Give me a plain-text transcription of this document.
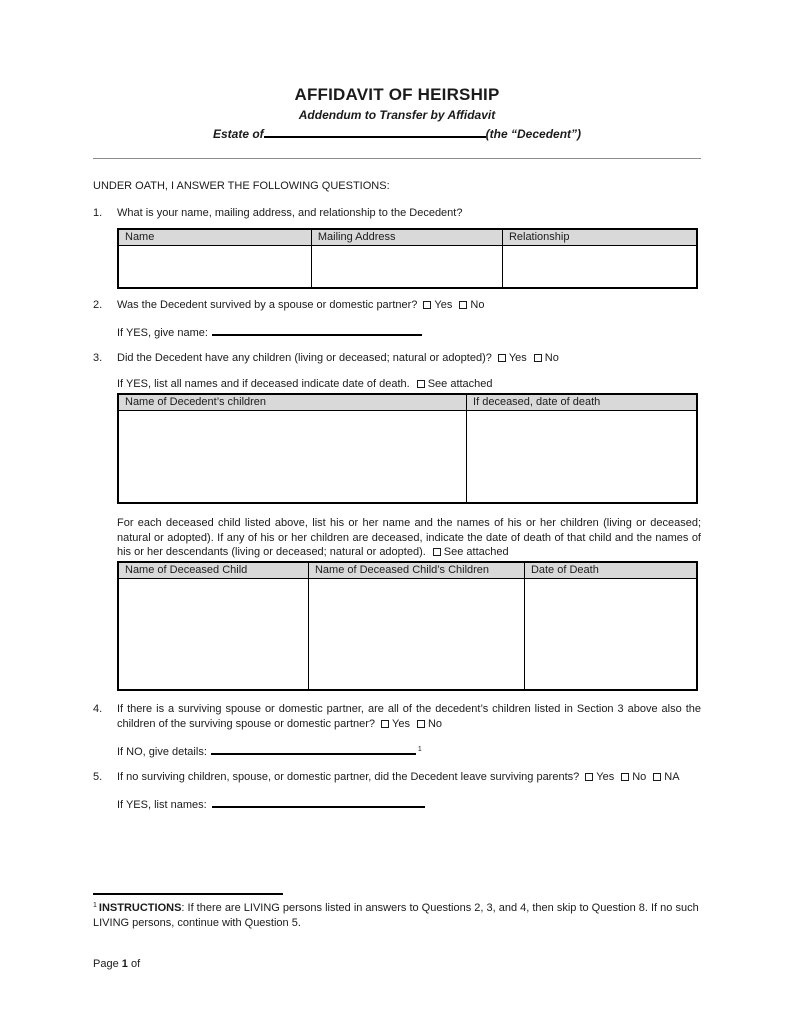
AFFIDAVIT OF HEIRSHIP
Addendum to Transfer by Affidavit
Estate of	(the “Decedent”)
UNDER OATH, I ANSWER THE FOLLOWING QUESTIONS:
1.	What is your name, mailing address, and relationship to the Decedent?
Name	Mailing Address	Relationship

2.	Was the Decedent survived by a spouse or domestic partner? Yes No
If YES, give name:
3.	Did the Decedent have any children (living or deceased; natural or adopted)? Yes No
If YES, list all names and if deceased indicate date of death. See attached
Name of Decedent’s children	If deceased, date of death

For each deceased child listed above, list his or her name and the names of his or her children (living or deceased; natural or adopted). If any of his or her children are deceased, indicate the date of death of that child and the names of his or her descendants (living or deceased; natural or adopted). See attached
Name of Deceased Child	Name of Deceased Child’s Children	Date of Death

4.	If there is a surviving spouse or domestic partner, are all of the decedent’s children listed in Section 3 above also the children of the surviving spouse or domestic partner? Yes No
If NO, give details:	$^1$
5.	If no surviving children, spouse, or domestic partner, did the Decedent leave surviving parents? Yes No NA
If YES, list names:
$^1$ INSTRUCTIONS: If there are LIVING persons listed in answers to Questions 2, 3, and 4, then skip to Question 8. If no such LIVING persons, continue with Question 5.
Page 1 of
